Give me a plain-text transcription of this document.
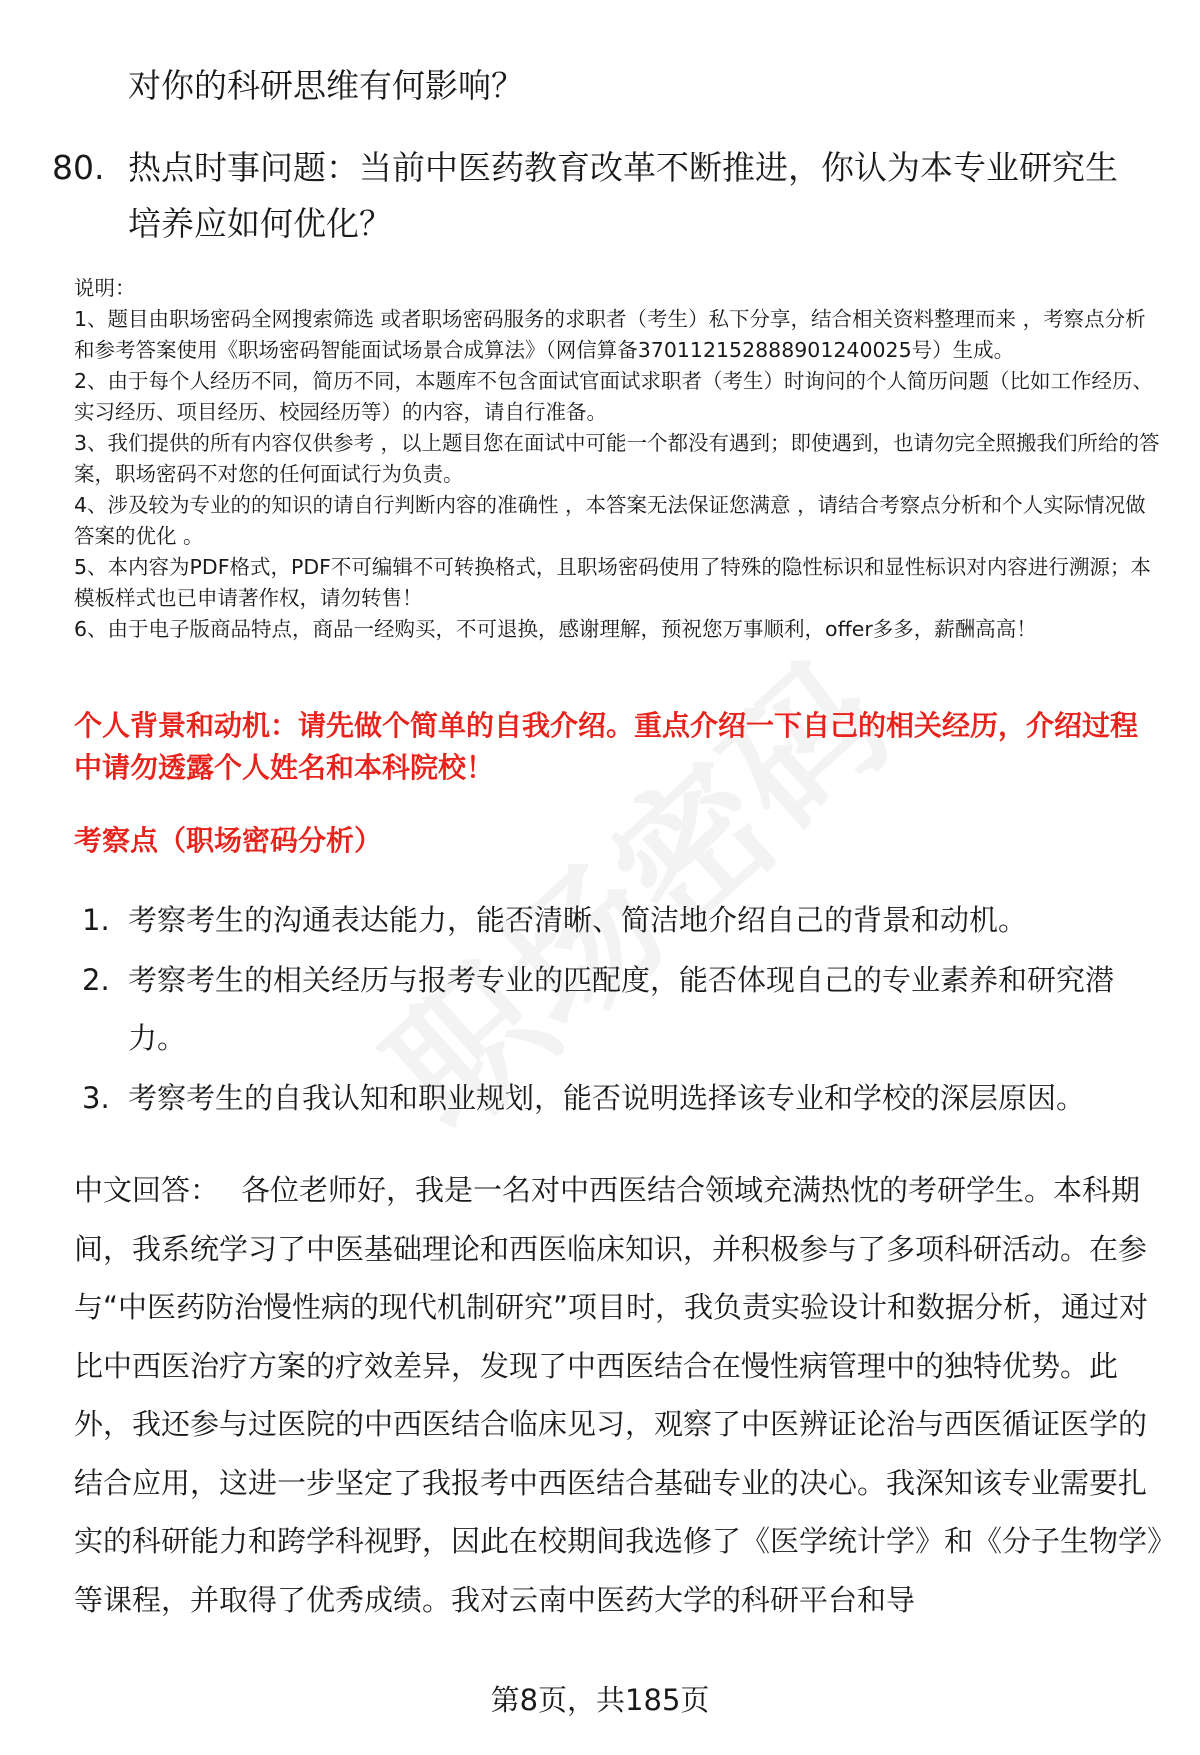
对你的科研思维有何影响？

80. 热点时事问题：当前中医药教育改革不断推进，你认为本专业研究生培养应如何优化？

说明：

1、题目由职场密码全网搜索筛选 或者职场密码服务的求职者（考生）私下分享，结合相关资料整理而来 ，考察点分析和参考答案使用《职场密码智能面试场景合成算法》（网信算备370112152888901240025号）生成。

2、由于每个人经历不同，简历不同，本题库不包含面试官面试求职者（考生）时询问的个人简历问题（比如工作经历、实习经历、项目经历、校园经历等）的内容，请自行准备。

3、我们提供的所有内容仅供参考 ，以上题目您在面试中可能一个都没有遇到；即使遇到，也请勿完全照搬我们所给的答案，职场密码不对您的任何面试行为负责。

4、涉及较为专业的的知识的请自行判断内容的准确性 ，本答案无法保证您满意 ，请结合考察点分析和个人实际情况做答案的优化 。

5、本内容为PDF格式，PDF不可编辑不可转换格式，且职场密码使用了特殊的隐性标识和显性标识对内容进行溯源；本模板样式也已申请著作权，请勿转售！

6、由于电子版商品特点，商品一经购买，不可退换，感谢理解，预祝您万事顺利，offer多多，薪酬高高！

个人背景和动机：请先做个简单的自我介绍。重点介绍一下自己的相关经历，介绍过程中请勿透露个人姓名和本科院校！

考察点（职场密码分析）

1. 考察考生的沟通表达能力，能否清晰、简洁地介绍自己的背景和动机。
2. 考察考生的相关经历与报考专业的匹配度，能否体现自己的专业素养和研究潜力。
3. 考察考生的自我认知和职业规划，能否说明选择该专业和学校的深层原因。

中文回答： 各位老师好，我是一名对中西医结合领域充满热忱的考研学生。本科期间，我系统学习了中医基础理论和西医临床知识，并积极参与了多项科研活动。在参与“中医药防治慢性病的现代机制研究”项目时，我负责实验设计和数据分析，通过对比中西医治疗方案的疗效差异，发现了中西医结合在慢性病管理中的独特优势。此外，我还参与过医院的中西医结合临床见习，观察了中医辨证论治与西医循证医学的结合应用，这进一步坚定了我报考中西医结合基础专业的决心。我深知该专业需要扎实的科研能力和跨学科视野，因此在校期间我选修了《医学统计学》和《分子生物学》等课程，并取得了优秀成绩。我对云南中医药大学的科研平台和导

第8页，共185页
